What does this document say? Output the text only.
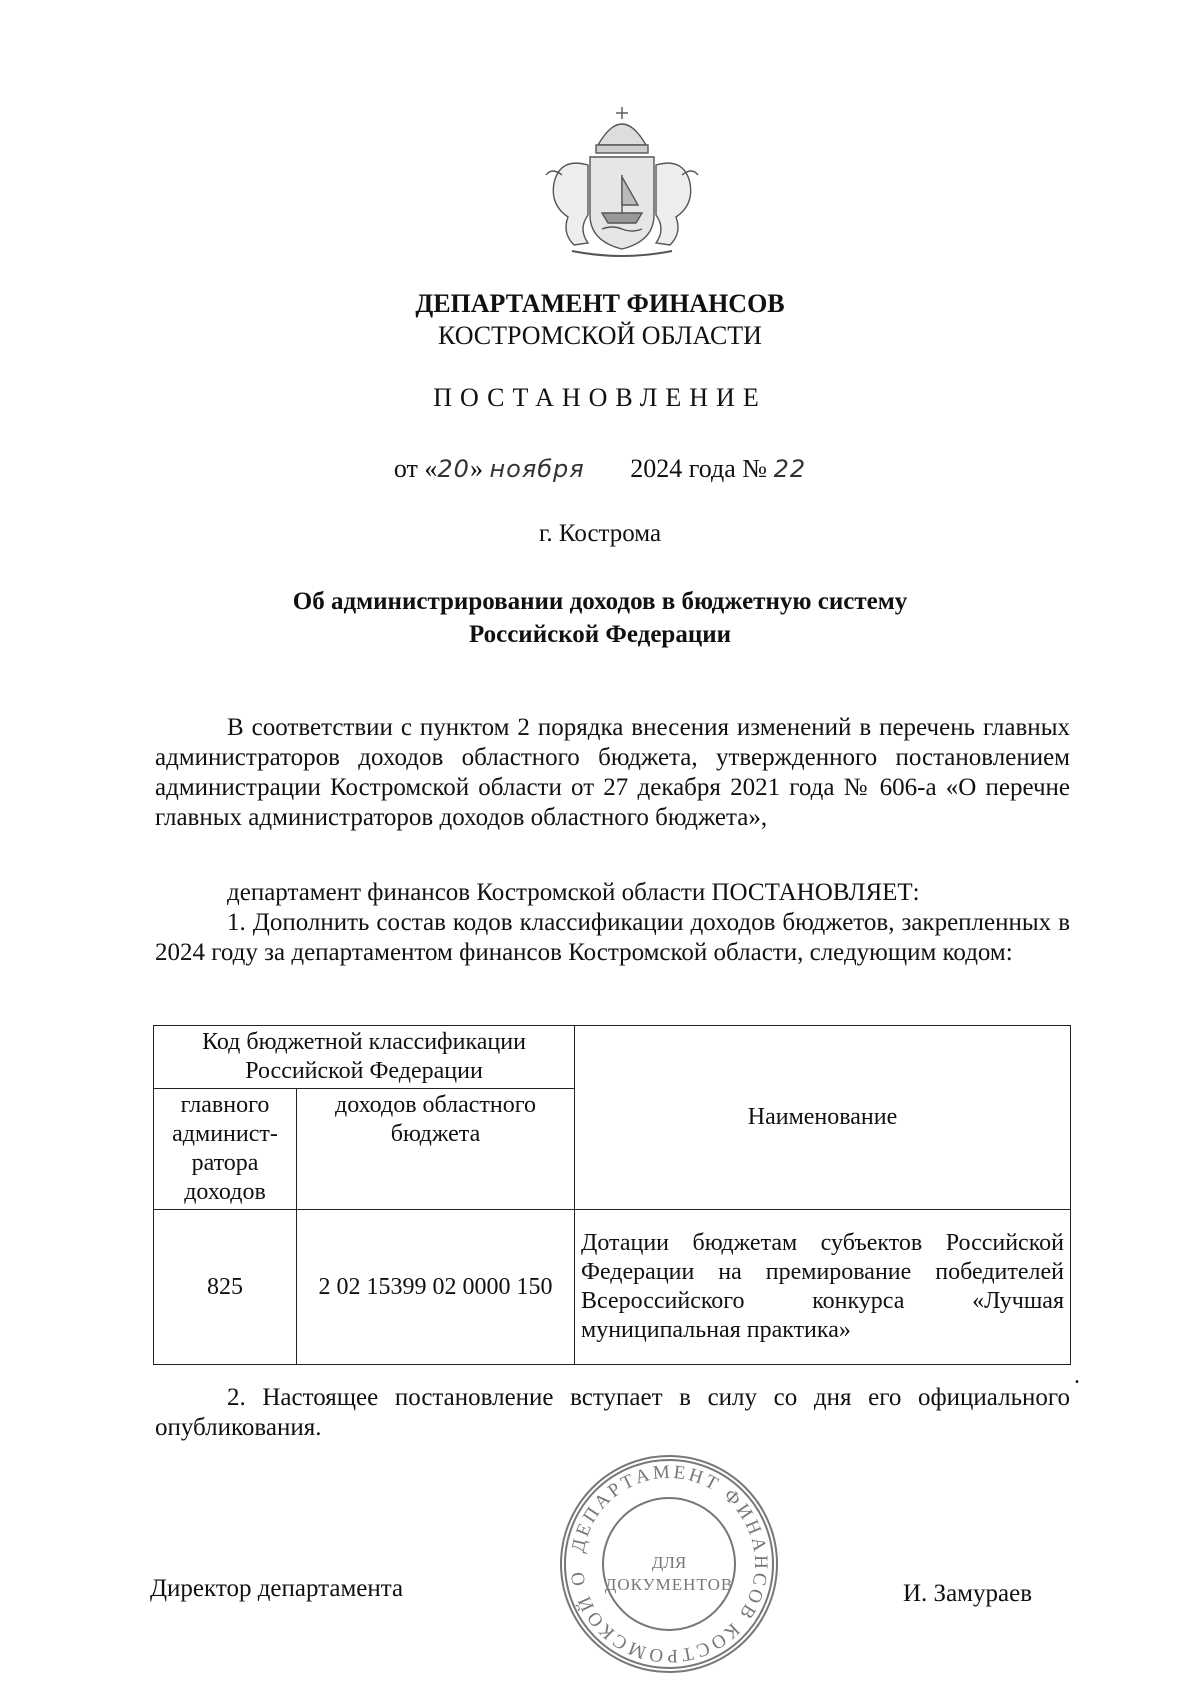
ДЕПАРТАМЕНТ ФИНАНСОВ
КОСТРОМСКОЙ ОБЛАСТИ
ПОСТАНОВЛЕНИЕ
от «20» ноября 2024 года № 22
г. Кострома
Об администрировании доходов в бюджетную систему
Российской Федерации
В соответствии с пунктом 2 порядка внесения изменений в перечень главных администраторов доходов областного бюджета, утвержденного постановлением администрации Костромской области от 27 декабря 2021 года № 606-а «О перечне главных администраторов доходов областного бюджета»,
департамент финансов Костромской области ПОСТАНОВЛЯЕТ:
1. Дополнить состав кодов классификации доходов бюджетов, закрепленных в 2024 году за департаментом финансов Костромской области, следующим кодом:
Код бюджетной классификации Российской Федерации		Наименование
главного админист-ратора доходов	доходов областного бюджета	
825	2 02 15399 02 0000 150	Дотации бюджетам субъектов Российской Федерации на премирование победителей Всероссийского конкурса «Лучшая муниципальная практика»
.
2. Настоящее постановление вступает в силу со дня его официального опубликования.
Директор департамента	И. Замураев
ДЕПАРТАМЕНТ ФИНАНСОВ КОСТРОМСКОЙ О
ДЛЯ
ДОКУМЕНТОВ
